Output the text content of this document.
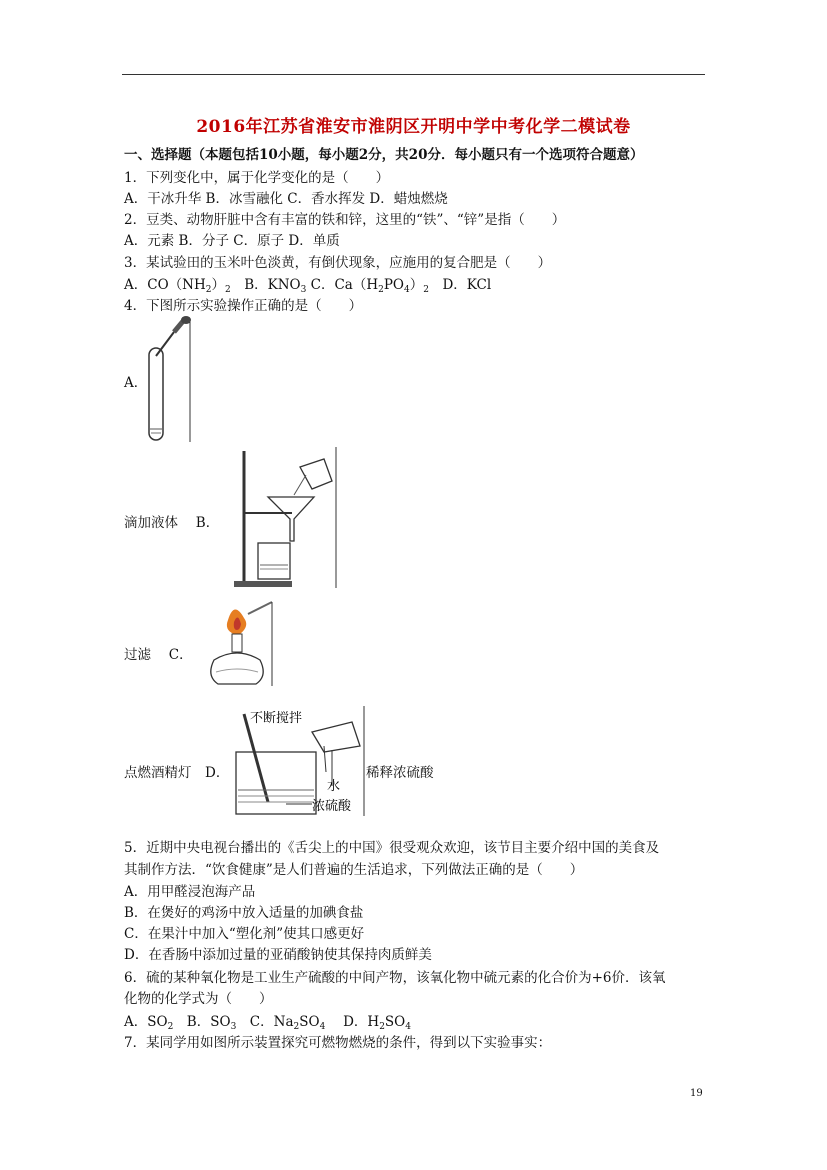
2016年江苏省淮安市淮阴区开明中学中考化学二模试卷
一、选择题（本题包括10小题，每小题2分，共20分．每小题只有一个选项符合题意）
1．下列变化中，属于化学变化的是（　　）
A．干冰升华 B．冰雪融化 C．香水挥发 D．蜡烛燃烧
2．豆类、动物肝脏中含有丰富的铁和锌，这里的“铁”、“锌”是指（　　）
A．元素 B．分子 C．原子 D．单质
3．某试验田的玉米叶色淡黄，有倒伏现象，应施用的复合肥是（　　）
A．$CO(NH_2)_2$　B．$KNO_3$ C．$Ca(H_2PO_4)_2$　D．KCl
4．下图所示实验操作正确的是（　　）
A．
滴加液体　 B．
过滤　 C．
不断搅拌
水
浓硫酸
点燃酒精灯　D．	稀释浓硫酸
5．近期中央电视台播出的《舌尖上的中国》很受观众欢迎，该节目主要介绍中国的美食及
其制作方法．“饮食健康”是人们普遍的生活追求，下列做法正确的是（　　）
A．用甲醛浸泡海产品
B．在煲好的鸡汤中放入适量的加碘食盐
C．在果汁中加入“塑化剂”使其口感更好
D．在香肠中添加过量的亚硝酸钠使其保持肉质鲜美
6．硫的某种氧化物是工业生产硫酸的中间产物，该氧化物中硫元素的化合价为+6价．该氧
化物的化学式为（　　）
A．$SO_2$　B．$SO_3$　C．$Na_2SO_4$　 D．$H_2SO_4$
7．某同学用如图所示装置探究可燃物燃烧的条件，得到以下实验事实：
19
